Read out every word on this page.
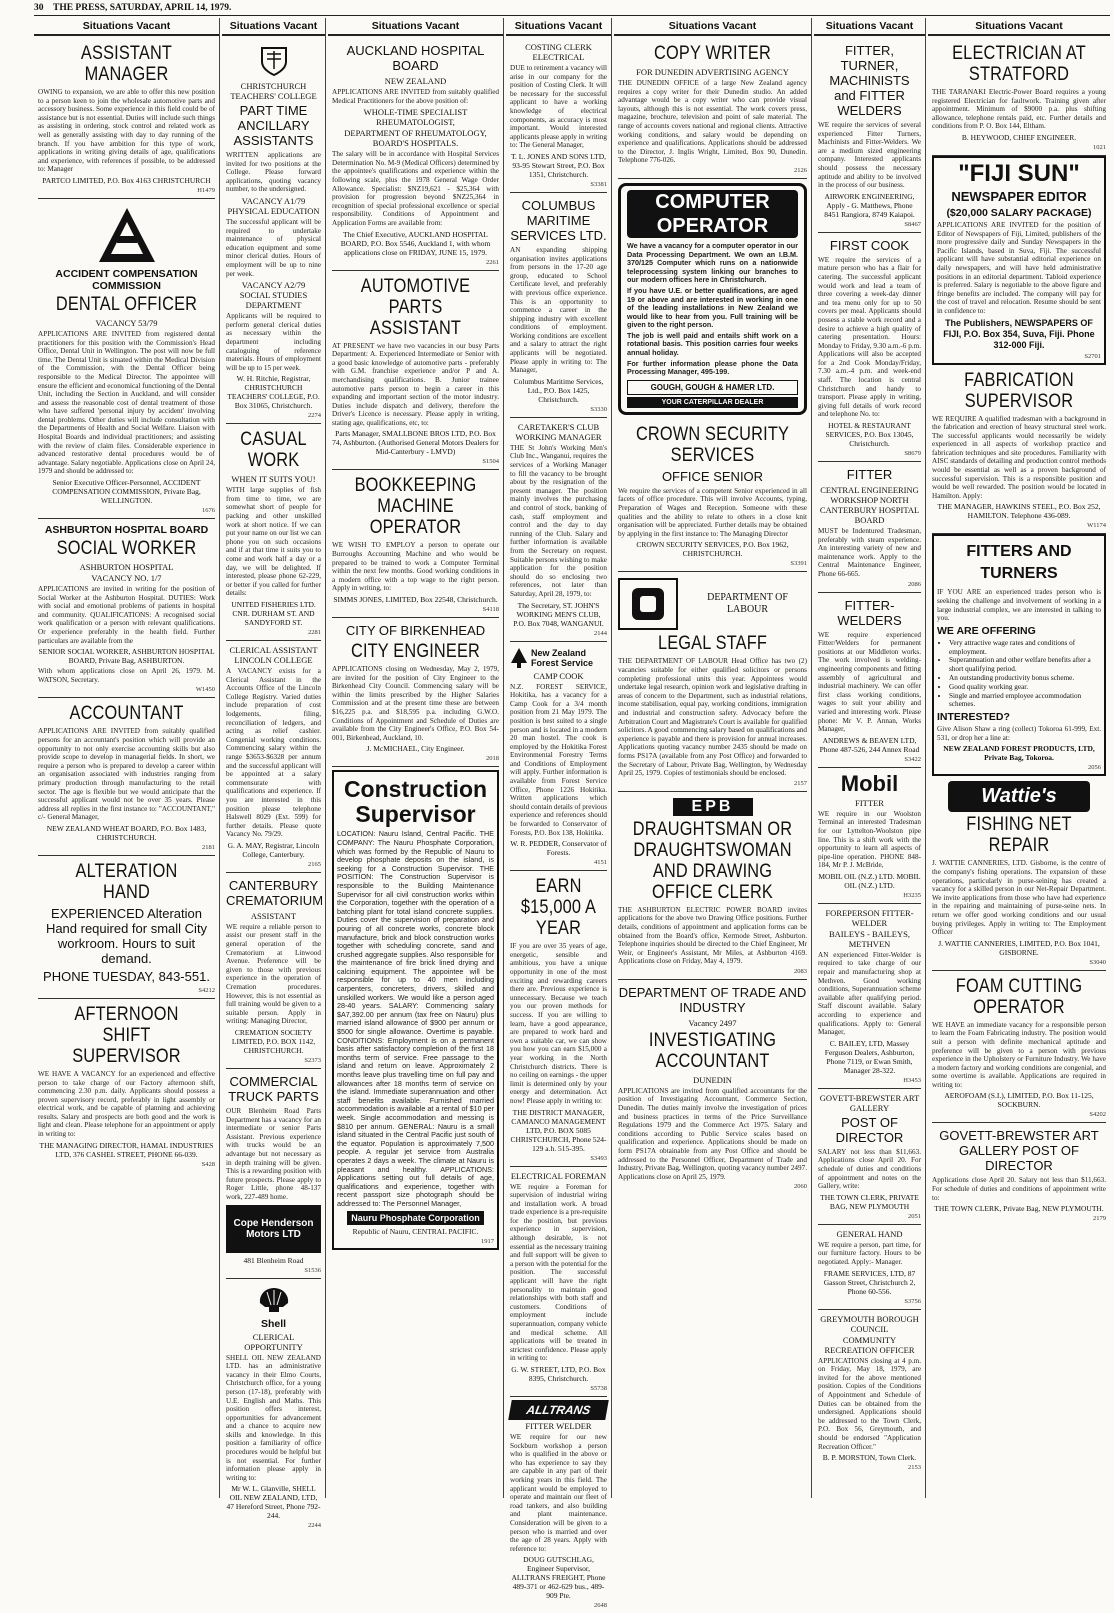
30 THE PRESS, SATURDAY, APRIL 14, 1979.
Situations Vacant
ASSISTANT MANAGER
OWING to expansion, we are able to offer this new position to a person keen to join the wholesale automotive parts and accessory business. Some experience in this field could be of assistance but is not essential. Duties will include such things as assisting in ordering, stock control and related work as well as generally assisting with day to day running of the branch. If you have ambition for this type of work, applications in writing giving details of age, qualifications and experience, with references if possible, to be addressed to: Manager
PARTCO LIMITED, P.O. Box 4163 CHRISTCHURCH
H1479
ACCIDENT COMPENSATION COMMISSION
DENTAL OFFICER
VACANCY 53/79
APPLICATIONS ARE INVITED from registered dental practitioners for this position with the Commission's Head Office, Dental Unit in Wellington. The post will now be full time. The Dental Unit is situated within the Medical Division of the Commission, with the Dental Officer being responsible to the Medical Director. The appointee will ensure the efficient and economical functioning of the Dental Unit, including the Section in Auckland, and will consider and assess the reasonable cost of dental treatment of those who have suffered 'personal injury by accident' involving dental problems. Other duties will include consultation with the Departments of Health and Social Welfare. Liaison with Hospital Boards and individual practitioners; and assisting with the review of claim files. Considerable experience in advanced restorative dental procedures would be of advantage. Salary negotiable. Applications close on April 24, 1979 and should be addressed to:
Senior Executive Officer-Personnel, ACCIDENT COMPENSATION COMMISSION, Private Bag, WELLINGTON.
1676
ASHBURTON HOSPITAL BOARD
SOCIAL WORKER
ASHBURTON HOSPITAL
VACANCY NO. 1/7
APPLICATIONS are invited in writing for the position of Social Worker at the Ashburton Hospital. DUTIES: Work with social and emotional problems of patients in hospital and community. QUALIFICATIONS: A recognised social work qualification or a person with relevant qualifications. Or experience preferably in the health field. Further particulars are available from the
SENIOR SOCIAL WORKER, ASHBURTON HOSPITAL BOARD, Private Bag, ASHBURTON.
With whom applications close on April 26, 1979. M. WATSON, Secretary.
W1450
ACCOUNTANT
APPLICATIONS ARE INVITED from suitably qualified persons for an accountant's position which will provide an opportunity to not only exercise accounting skills but also provide scope to develop in managerial fields. In short, we require a person who is prepared to develop a career within an organisation associated with industries ranging from primary production through manufacturing to the retail sector. The age is flexible but we would anticipate that the successful applicant would not be over 35 years. Please address all replies in the first instance to: "ACCOUNTANT," c/- General Manager,
NEW ZEALAND WHEAT BOARD, P.O. Box 1483, CHRISTCHURCH.
2181
ALTERATION HAND
EXPERIENCED Alteration Hand required for small City workroom. Hours to suit demand.
PHONE TUESDAY, 843-551.
S4212
AFTERNOON SHIFT SUPERVISOR
WE HAVE A VACANCY for an experienced and effective person to take charge of our Factory afternoon shift, commencing 2.30 p.m. daily. Applicants should possess a proven supervisory record, preferably in light assembly or electrical work, and be capable of planning and achieving results. Salary and prospects are both good and the work is light and clean. Please telephone for an appointment or apply in writing to:
THE MANAGING DIRECTOR, HAMAL INDUSTRIES LTD, 376 CASHEL STREET, PHONE 66-039.
S428
Situations Vacant
CHRISTCHURCH TEACHERS' COLLEGE
PART TIME ANCILLARY ASSISTANTS
WRITTEN applications are invited for two positions at the College. Please forward applications, quoting vacancy number, to the undersigned.
VACANCY A1/79 PHYSICAL EDUCATION
The successful applicant will be required to undertake maintenance of physical education equipment and some minor clerical duties. Hours of employment will be up to nine per week.
VACANCY A2/79 SOCIAL STUDIES DEPARTMENT
Applicants will be required to perform general clerical duties as necessary within the department including cataloguing of reference materials. Hours of employment will be up to 15 per week.
W. H. Ritchie, Registrar, CHRISTCHURCH TEACHERS' COLLEGE, P.O. Box 31065, Christchurch.
2274
CASUAL WORK
WHEN IT SUITS YOU!
WITH large supplies of fish from time to time, we are somewhat short of people for packing and other unskilled work at short notice. If we can put your name on our list we can phone you on such occasions and if at that time it suits you to come and work half a day or a day, we will be delighted. If interested, please phone 62-229, or better if you called for further details:
UNITED FISHERIES LTD. CNR. DURHAM ST. AND SANDYFORD ST.
2281
CLERICAL ASSISTANT LINCOLN COLLEGE
A VACANCY exists for a Clerical Assistant in the Accounts Office of the Lincoln College Registry. Varied duties include preparation of cost lodgements, filing, reconciliation of ledgers, and acting as relief cashier. Congenial working conditions. Commencing salary within the range $3653-$6328 per annum and the successful applicant will be appointed at a salary commensurate with qualifications and experience. If you are interested in this position please telephone Halswell 8029 (Ext. 599) for further details. Please quote Vacancy No. 79/29.
G. A. MAY, Registrar, Lincoln College, Canterbury.
2165
CANTERBURY CREMATORIUM
ASSISTANT
WE require a reliable person to assist our present staff in the general operation of the Crematorium at Linwood Avenue. Preference will be given to those with previous experience in the operation of Cremation procedures. However, this is not essential as full training would be given to a suitable person. Apply in writing: Managing Director,
CREMATION SOCIETY LIMITED, P.O. BOX 1142, CHRISTCHURCH.
S2373
COMMERCIAL TRUCK PARTS
OUR Blenheim Road Parts Department has a vacancy for an intermediate or senior Parts Assistant. Previous experience with trucks would be an advantage but not necessary as in depth training will be given. This is a rewarding position with future prospects. Please apply to Roger Little, phone 48-137 work, 227-489 home.
Cope Henderson Motors LTD
481 Blenheim Road
S1536
Shell
CLERICAL OPPORTUNITY
SHELL OIL NEW ZEALAND LTD. has an administrative vacancy in their Elmo Courts, Christchurch office, for a young person (17-18), preferably with U.E. English and Maths. This position offers interest, opportunities for advancement and a chance to acquire new skills and knowledge. In this position a familiarity of office procedures would be helpful but is not essential. For further information please apply in writing to:
Mr W. L. Glanville, SHELL OIL NEW ZEALAND, LTD, 47 Hereford Street, Phone 792-244.
2244
Situations Vacant
AUCKLAND HOSPITAL BOARD
NEW ZEALAND
APPLICATIONS ARE INVITED from suitably qualified Medical Practitioners for the above position of:
WHOLE-TIME SPECIALIST RHEUMATOLOGIST,
DEPARTMENT OF RHEUMATOLOGY, BOARD'S HOSPITALS.
The salary will be in accordance with Hospital Services Determination No. M-9 (Medical Officers) determined by the appointee's qualifications and experience within the following scale, plus the 1978 General Wage Order Allowance. Specialist: $NZ19,621 - $25,364 with provision for progression beyond $NZ25,364 in recognition of special professional excellence or special responsibility. Conditions of Appointment and Application Forms are available from:
The Chief Executive, AUCKLAND HOSPITAL BOARD, P.O. Box 5546, Auckland 1, with whom applications close on FRIDAY, JUNE 15, 1979.
2261
AUTOMOTIVE PARTS ASSISTANT
AT PRESENT we have two vacancies in our busy Parts Department: A. Experienced Intermediate or Senior with a good basic knowledge of automotive parts - preferably with G.M. franchise experience and/or P and A. merchandising qualifications. B. Junior trainee automotive parts person to begin a career in this expanding and important section of the motor industry. Duties include dispatch and delivery, therefore the Driver's Licence is necessary. Please apply in writing, stating age, qualifications, etc, to:
Parts Manager, SMALLBONE BROS LTD, P.O. Box 74, Ashburton. (Authorised General Motors Dealers for Mid-Canterbury - LMVD)
S1504
BOOKKEEPING MACHINE OPERATOR
WE WISH TO EMPLOY a person to operate our Burroughs Accounting Machine and who would be prepared to be trained to work a Computer Terminal within the next few months. Good working conditions in a modern office with a top wage to the right person. Apply in writing, to:
SIMMS JONES, LIMITED, Box 22548, Christchurch.
S4118
CITY OF BIRKENHEAD
CITY ENGINEER
APPLICATIONS closing on Wednesday, May 2, 1979, are invited for the position of City Engineer to the Birkenhead City Council. Commencing salary will be within the limits prescribed by the Higher Salaries Commission and at the present time these are between $16,225 p.a. and $18,595 p.a. including G.W.O. Conditions of Appointment and Schedule of Duties are available from the City Engineer's Office, P.O. Box 54-001, Birkenhead, Auckland, 10.
J. McMICHAEL, City Engineer.
2018
Construction Supervisor
LOCATION: Nauru Island, Central Pacific. THE COMPANY: The Nauru Phosphate Corporation, which was formed by the Republic of Nauru to develop phosphate deposits on the island, is seeking for a Construction Supervisor. THE POSITION: The Construction Supervisor is responsible to the Building Maintenance Supervisor for all civil construction works within the Corporation, together with the operation of a batching plant for total island concrete supplies. Duties cover the supervision of preparation and pouring of all concrete works, concrete block manufacture, brick and block construction works together with scheduling concrete, sand and crushed aggregate supplies. Also responsible for the maintenance of fire brick lined drying and calcining equipment. The appointee will be responsible for up to 40 men including carpenters, concreters, drivers, skilled and unskilled workers. We would like a person aged 28-40 years. SALARY: Commencing salary $A7,392.00 per annum (tax free on Nauru) plus married island allowance of $900 per annum or $500 for single allowance. Overtime is payable. CONDITIONS: Employment is on a permanent basis after satisfactory completion of the first 18 months term of service. Free passage to the island and return on leave. Approximately 2 months leave plus travelling time on full pay and allowances after 18 months term of service on the island. Immediate superannuation and other staff benefits available. Furnished married accommodation is available at a rental of $10 per week. Single accommodation and messing is $810 per annum. GENERAL: Nauru is a small island situated in the Central Pacific just south of the equator. Population is approximately 7,500 people. A regular jet service from Australia operates 2 days a week. The climate at Nauru is pleasant and healthy. APPLICATIONS: Applications setting out full details of age, qualifications and experience, together with recent passport size photograph should be addressed to: The Personnel Manager,
Nauru Phosphate Corporation
Republic of Nauru, CENTRAL PACIFIC.
1917
Situations Vacant
COSTING CLERK ELECTRICAL
DUE to retirement a vacancy will arise in our company for the position of Costing Clerk. It will be necessary for the successful applicant to have a working knowledge of electrical components, as accuracy is most important. Would interested applicants please apply in writing to: The General Manager,
T. L. JONES AND SONS LTD, 93-95 Stewart Street, P.O. Box 1351, Christchurch.
S3381
COLUMBUS MARITIME SERVICES LTD.
AN expanding shipping organisation invites applications from persons in the 17-20 age group, educated to School Certificate level, and preferably with previous office experience. This is an opportunity to commence a career in the shipping industry with excellent conditions of employment. Working conditions are excellent and a salary to attract the right applicants will be negotiated. Please apply in writing to: The Manager,
Columbus Maritime Services, Ltd., P.O. Box 1425, Christchurch.
S3330
CARETAKER'S CLUB WORKING MANAGER
THE St John's Working Men's Club Inc., Wanganui, requires the services of a Working Manager to fill the vacancy to be brought about by the resignation of the present manager. The position mainly involves the purchasing and control of stock, banking of cash, staff employment and control and the day to day running of the Club. Salary and further information is available from the Secretary on request. Suitable persons wishing to make application for the position should do so enclosing two references, not later than Saturday, April 28, 1979, to:
The Secretary, ST. JOHN'S WORKING MEN'S CLUB, P.O. Box 7048, WANGANUI.
2144
New Zealand Forest Service
CAMP COOK
N.Z. FOREST SERVICE, Hokitika, has a vacancy for a Camp Cook for a 3/4 month position from 21 May 1979. The position is best suited to a single person and is located in a modern 20 man hostel. The cook is employed by the Hokitika Forest Environmental Forestry Terms and Conditions of Employment will apply. Further information is available from Forest Service Office, Phone 1226 Hokitika. Written applications which should contain details of previous experience and references should be forwarded to Conservator of Forests, P.O. Box 138, Hokitika.
W. R. PEDDER, Conservator of Forests.
4151
EARN $15,000 A YEAR
IF you are over 35 years of age, energetic, sensible and ambitious, you have a unique opportunity in one of the most exciting and rewarding careers there are. Previous experience is unnecessary. Because we teach you our proven methods for success. If you are willing to learn, have a good appearance, are prepared to work hard and own a suitable car, we can show you how you can earn $15,000 a year working in the North Christchurch districts. There is no ceiling on earnings - the upper limit is determined only by your energy and determination. Act now! Please apply in writing to:
THE DISTRICT MANAGER, CAMANCO MANAGEMENT LTD, P.O. BOX 5085 CHRISTCHURCH, Phone 524-129 a.h. 515-395.
S3493
ELECTRICAL FOREMAN
WE require a Foreman for supervision of industrial wiring and installation work. A broad trade experience is a pre-requisite for the position, but previous experience in supervision, although desirable, is not essential as the necessary training and full support will be given to a person with the potential for the position. The successful applicant will have the right personality to maintain good relationships with both staff and customers. Conditions of employment include superannuation, company vehicle and medical scheme. All applications will be treated in strictest confidence. Please apply in writing to:
G. W. STREET, LTD, P.O. Box 8395, Christchurch.
S5738
ALLTRANS
FITTER WELDER
WE require for our new Sockburn workshop a person who is qualified in the above or who has experience to say they are capable in any part of their working years in this field. The applicant would be employed to operate and maintain our fleet of road tankers, and also building and plant maintenance. Consideration will be given to a person who is married and over the age of 28 years. Apply with reference to:
DOUG GUTSCHLAG, Engineer Supervisor, ALLTRANS FREIGHT, Phone 489-371 or 462-629 bus., 489-909 Pte.
2648
Situations Vacant
COPY WRITER
FOR DUNEDIN ADVERTISING AGENCY
THE DUNEDIN OFFICE of a large New Zealand agency requires a copy writer for their Dunedin studio. An added advantage would be a copy writer who can provide visual layouts, although this is not essential. The work covers press, magazine, brochure, television and point of sale material. The range of accounts covers national and regional clients. Attractive working conditions, and salary would be depending on experience and qualifications. Applications should be addressed to the Director, J. Inglis Wright, Limited, Box 90, Dunedin. Telephone 776-026.
2126
COMPUTER OPERATOR
We have a vacancy for a computer operator in our Data Processing Department. We own an I.B.M. 370/125 Computer which runs on a nationwide teleprocessing system linking our branches to our modern offices here in Christchurch.
If you have U.E. or better qualifications, are aged 19 or above and are interested in working in one of the leading installations in New Zealand we would like to hear from you. Full training will be given to the right person.
The job is well paid and entails shift work on a rotational basis. This position carries four weeks annual holiday.
For further information please phone the Data Processing Manager, 495-199.
GOUGH, GOUGH & HAMER LTD.
YOUR CATERPILLAR DEALER
CROWN SECURITY SERVICES
OFFICE SENIOR
We require the services of a competent Senior experienced in all facets of office procedure. This will involve Accounts, typing, Preparation of Wages and Reception. Someone with these qualities and the ability to relate to others in a close knit organisation will be appreciated. Further details may be obtained by applying in the first instance to: The Managing Director
CROWN SECURITY SERVICES, P.O. Box 1962, CHRISTCHURCH.
S3391
DEPARTMENT OF LABOUR
LEGAL STAFF
THE DEPARTMENT OF LABOUR Head Office has two (2) vacancies suitable for either qualified solicitors or persons completing professional units this year. Appointees would undertake legal research, opinion work and legislative drafting in areas of concern to the Department, such as industrial relations, income stabilisation, equal pay, working conditions, immigration and industrial and construction safety. Advocacy before the Arbitration Court and Magistrate's Court is available for qualified solicitors. A good commencing salary based on qualifications and experience is payable and there is provision for annual increases. Applications quoting vacancy number 2435 should be made on forms PS17A (available from any Post Office) and forwarded to the Secretary of Labour, Private Bag, Wellington, by Wednesday April 25, 1979. Copies of testimonials should be enclosed.
2157
EPB
DRAUGHTSMAN OR DRAUGHTSWOMAN AND DRAWING OFFICE CLERK
THE ASHBURTON ELECTRIC POWER BOARD invites applications for the above two Drawing Office positions. Further details, conditions of appointment and application forms can be obtained from the Board's office, Kermode Street, Ashburton. Telephone inquiries should be directed to the Chief Engineer, Mr Weir, or Engineer's Assistant, Mr Miles, at Ashburton 4169. Applications close on Friday, May 4, 1979.
2083
DEPARTMENT OF TRADE AND INDUSTRY
Vacancy 2497
INVESTIGATING ACCOUNTANT
DUNEDIN
APPLICATIONS are invited from qualified accountants for the position of Investigating Accountant, Commerce Section, Dunedin. The duties mainly involve the investigation of prices and business practices in terms of the Price Surveillance Regulations 1979 and the Commerce Act 1975. Salary and conditions according to Public Service scales based on qualification and experience. Applications should be made on form PS17A obtainable from any Post Office and should be addressed to the Personnel Officer, Department of Trade and Industry, Private Bag, Wellington, quoting vacancy number 2497. Applications close on April 25, 1979.
2060
Situations Vacant
FITTER, TURNER, MACHINISTS and FITTER WELDERS
WE require the services of several experienced Fitter Turners, Machinists and Fitter-Welders. We are a medium sized engineering company. Interested applicants should possess the necessary aptitude and ability to be involved in the process of our business.
AIRWORK ENGINEERING, Apply - G. Matthews, Phone 8451 Rangiora, 8749 Kaiapoi.
S8467
FIRST COOK
WE require the services of a mature person who has a flair for catering. The successful applicant would work and lead a team of three covering a week-day dinner and tea menu only for up to 50 covers per meal. Applicants should possess a stable work record and a desire to achieve a high quality of catering presentation. Hours: Monday to Friday, 9.30 a.m.-6 p.m. Applications will also be accepted for a 2nd Cook Monday/Friday, 7.30 a.m.-4 p.m. and week-end staff. The location is central Christchurch and handy to transport. Please apply in writing, giving full details of work record and telephone No. to:
HOTEL & RESTAURANT SERVICES, P.O. Box 13045, Christchurch.
S8679
FITTER
CENTRAL ENGINEERING WORKSHOP NORTH CANTERBURY HOSPITAL BOARD
MUST be Indentured Tradesman, preferably with steam experience. An interesting variety of new and maintenance work. Apply to the Central Maintenance Engineer, Phone 66-665.
2086
FITTER-WELDERS
WE require experienced Fitter/Welders for permanent positions at our Middleton works. The work involved is welding-engineering components and fitting assembly of agricultural and industrial machinery. We can offer first class working conditions, wages to suit your ability and varied and interesting work. Please phone: Mr V. P. Annan, Works Manager,
ANDREWS & BEAVEN LTD, Phone 487-526, 244 Annex Road
S3422
Mobil
FITTER
WE require in our Woolston Terminal an interested Tradesman for our Lyttelton-Woolston pipe line. This is a shift work with the opportunity to learn all aspects of pipe-line operation. PHONE 848-184, Mr P. J. McBride,
MOBIL OIL (N.Z.) LTD. MOBIL OIL (N.Z.) LTD.
H3235
FOREPERSON FITTER-WELDER
BAILEYS - BAILEYS, METHVEN
AN experienced Fitter-Welder is required to take charge of our repair and manufacturing shop at Methven. Good working conditions, Superannuation scheme available after qualifying period. Staff discount available. Salary according to experience and qualifications. Apply to: General Manager,
C. BAILEY, LTD, Massey Ferguson Dealers, Ashburton, Phone 7119, or Ewan Smith, Manager 28-322.
H3453
GOVETT-BREWSTER ART GALLERY
POST OF DIRECTOR
SALARY not less than $11,663. Applications close April 20. For schedule of duties and conditions of appointment and notes on the Gallery, write:
THE TOWN CLERK, PRIVATE BAG, NEW PLYMOUTH
2051
GENERAL HAND
WE require a person, part time, for our furniture factory. Hours to be negotiated. Apply:- Manager.
FRAME SERVICES, LTD, 87 Gasson Street, Christchurch 2, Phone 60-556.
S3756
GREYMOUTH BOROUGH COUNCIL
COMMUNITY RECREATION OFFICER
APPLICATIONS closing at 4 p.m. on Friday, May 18, 1979, are invited for the above mentioned position. Copies of the Conditions of Appointment and Schedule of Duties can be obtained from the undersigned. Applications should be addressed to the Town Clerk, P.O. Box 56, Greymouth, and should be endorsed "Application Recreation Officer."
B. P. MORSTON, Town Clerk.
2153
Situations Vacant
ELECTRICIAN AT STRATFORD
THE TARANAKI Electric-Power Board requires a young registered Electrician for faultwork. Training given after appointment. Minimum of $9000 p.a. plus shifting allowance, telephone rentals paid, etc. Further details and conditions from P. O. Box 144, Eltham.
B. HEYWOOD, CHIEF ENGINEER.
1021
"FIJI SUN"
NEWSPAPER EDITOR
($20,000 SALARY PACKAGE)
APPLICATIONS ARE INVITED for the position of Editor of Newspapers of Fiji, Limited, publishers of the more progressive daily and Sunday Newspapers in the Pacific Islands, based in Suva, Fiji. The successful applicant will have substantial editorial experience on daily newspapers, and will have held administrative positions in an editorial department. Tabloid experience is preferred. Salary is negotiable to the above figure and fringe benefits are included. The company will pay for the cost of travel and relocation. Resume should be sent in confidence to:
The Publishers, NEWSPAPERS OF FIJI, P.O. Box 354, Suva, Fiji. Phone 312-000 Fiji.
S2701
FABRICATION SUPERVISOR
WE REQUIRE A qualified tradesman with a background in the fabrication and erection of heavy structural steel work. The successful applicants would necessarily be widely experienced in all aspects of workshop practice and fabrication techniques and site procedures. Familiarity with AISC standards of detailing and production control methods would be essential as well as a proven background of successful supervision. This is a responsible position and would be well rewarded. The position would be located in Hamilton. Apply:
THE MANAGER, HAWKINS STEEL, P.O. Box 252, HAMILTON. Telephone 436-089.
W1174
FITTERS AND TURNERS
IF YOU ARE an experienced trades person who is seeking the challenge and involvement of working in a large industrial complex, we are interested in talking to you.
WE ARE OFFERING
• Very attractive wage rates and conditions of employment.
• Superannuation and other welfare benefits after a short qualifying period.
• An outstanding productivity bonus scheme.
• Good quality working gear.
• Single and married employee accommodation schemes.
INTERESTED?
Give Alison Shaw a ring (collect) Tokoroa 61-999, Ext. 531, or drop her a line at:
NEW ZEALAND FOREST PRODUCTS, LTD, Private Bag, Tokoroa.
2056
Wattie's
FISHING NET REPAIR
J. WATTIE CANNERIES, LTD. Gisborne, is the centre of the company's fishing operations. The expansion of these operations, particularly in purse-seining has created a vacancy for a skilled person in our Net-Repair Department. We invite applications from those who have had experience in the repairing and maintaining of purse-seine nets. In return we offer good working conditions and our usual buying privileges. Apply in writing to: The Employment Officer
J. WATTIE CANNERIES, LIMITED, P.O. Box 1041, GISBORNE.
S3040
FOAM CUTTING OPERATOR
WE HAVE an immediate vacancy for a responsible person to learn the Foam Fabricating industry. The position would suit a person with definite mechanical aptitude and preference will be given to a person with previous experience in the Upholstery or Furniture Industry. We have a modern factory and working conditions are congenial, and some overtime is available. Applications are required in writing to:
AEROFOAM (S.I.), LIMITED, P.O. Box 11-125, SOCKBURN.
S4202
GOVETT-BREWSTER ART GALLERY POST OF DIRECTOR
Applications close April 20. Salary not less than $11,663. For schedule of duties and conditions of appointment write to:
THE TOWN CLERK, Private Bag, NEW PLYMOUTH.
2179
